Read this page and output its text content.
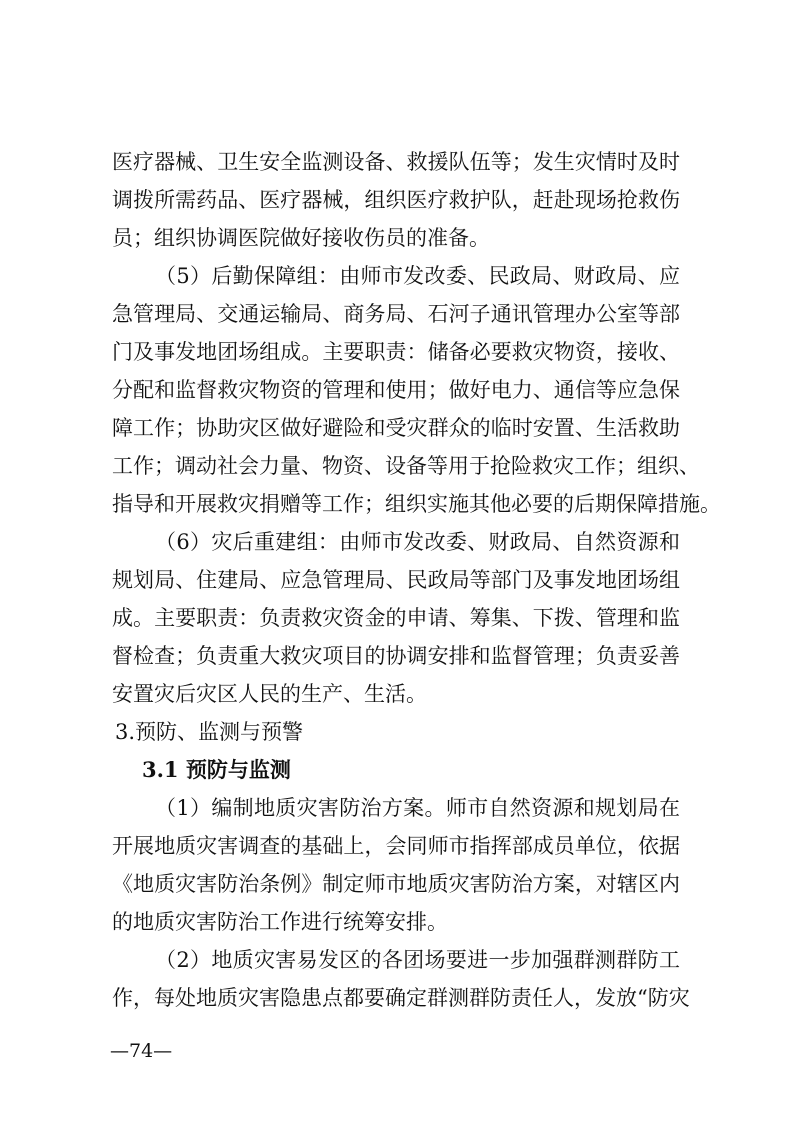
医疗器械、卫生安全监测设备、救援队伍等；发生灾情时及时
调拨所需药品、医疗器械，组织医疗救护队，赶赴现场抢救伤
员；组织协调医院做好接收伤员的准备。
（5）后勤保障组：由师市发改委、民政局、财政局、应
急管理局、交通运输局、商务局、石河子通讯管理办公室等部
门及事发地团场组成。主要职责：储备必要救灾物资，接收、
分配和监督救灾物资的管理和使用；做好电力、通信等应急保
障工作；协助灾区做好避险和受灾群众的临时安置、生活救助
工作；调动社会力量、物资、设备等用于抢险救灾工作；组织、
指导和开展救灾捐赠等工作；组织实施其他必要的后期保障措施。
（6）灾后重建组：由师市发改委、财政局、自然资源和
规划局、住建局、应急管理局、民政局等部门及事发地团场组
成。主要职责：负责救灾资金的申请、筹集、下拨、管理和监
督检查；负责重大救灾项目的协调安排和监督管理；负责妥善
安置灾后灾区人民的生产、生活。
3.预防、监测与预警
3.1 预防与监测
（1）编制地质灾害防治方案。师市自然资源和规划局在
开展地质灾害调查的基础上，会同师市指挥部成员单位，依据
《地质灾害防治条例》制定师市地质灾害防治方案，对辖区内
的地质灾害防治工作进行统筹安排。
（2）地质灾害易发区的各团场要进一步加强群测群防工
作，每处地质灾害隐患点都要确定群测群防责任人，发放“防灾
—74—
